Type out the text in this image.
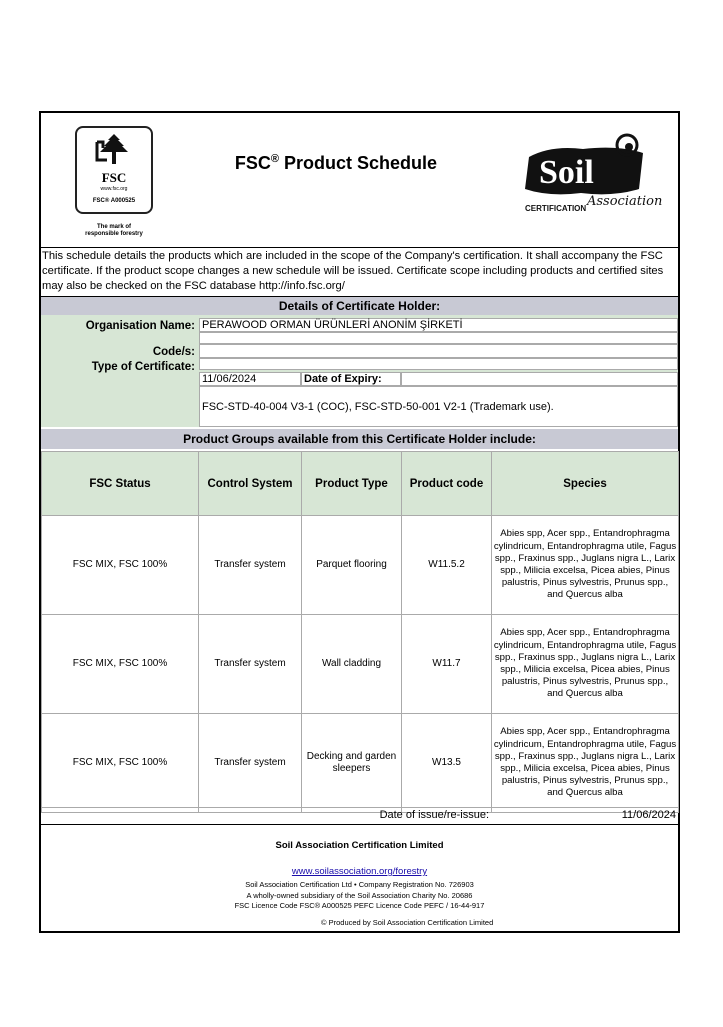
FSC
www.fsc.org
FSC® A000525
The mark of
responsible forestry
FSC® Product Schedule	Soil
Association
CERTIFICATION
This schedule details the products which are included in the scope of the Company's certification. It shall accompany the FSC certificate. If the product scope changes a new schedule will be issued. Certificate scope including products and certified sites may also be checked on the FSC database http://info.fsc.org/
Details of Certificate Holder:
Organisation Name: PERAWOOD ORMAN ÜRÜNLERİ ANONİM ŞİRKETİ
Code/s:
Type of Certificate:
11/06/2024	Date of Expiry:
FSC-STD-40-004 V3-1 (COC), FSC-STD-50-001 V2-1 (Trademark use).
Product Groups available from this Certificate Holder include:
FSC Status	Control System	Product Type	Product code	Species
FSC MIX, FSC 100%	Transfer system	Parquet flooring	W11.5.2	Abies spp, Acer spp., Entandrophragma cylindricum, Entandrophragma utile, Fagus spp., Fraxinus spp., Juglans nigra L., Larix spp., Milicia excelsa, Picea abies, Pinus palustris, Pinus sylvestris, Prunus spp., and Quercus alba
FSC MIX, FSC 100%	Transfer system	Wall cladding	W11.7	Abies spp, Acer spp., Entandrophragma cylindricum, Entandrophragma utile, Fagus spp., Fraxinus spp., Juglans nigra L., Larix spp., Milicia excelsa, Picea abies, Pinus palustris, Pinus sylvestris, Prunus spp., and Quercus alba
FSC MIX, FSC 100%	Transfer system	Decking and garden sleepers	W13.5	Abies spp, Acer spp., Entandrophragma cylindricum, Entandrophragma utile, Fagus spp., Fraxinus spp., Juglans nigra L., Larix spp., Milicia excelsa, Picea abies, Pinus palustris, Pinus sylvestris, Prunus spp., and Quercus alba
Date of issue/re-issue:	11/06/2024
Soil Association Certification Limited
www.soilassociation.org/forestry
Soil Association Certification Ltd • Company Registration No. 726903
A wholly-owned subsidiary of the Soil Association Charity No. 20686
FSC Licence Code FSC® A000525 PEFC Licence Code PEFC / 16-44-917
© Produced by Soil Association Certification Limited
